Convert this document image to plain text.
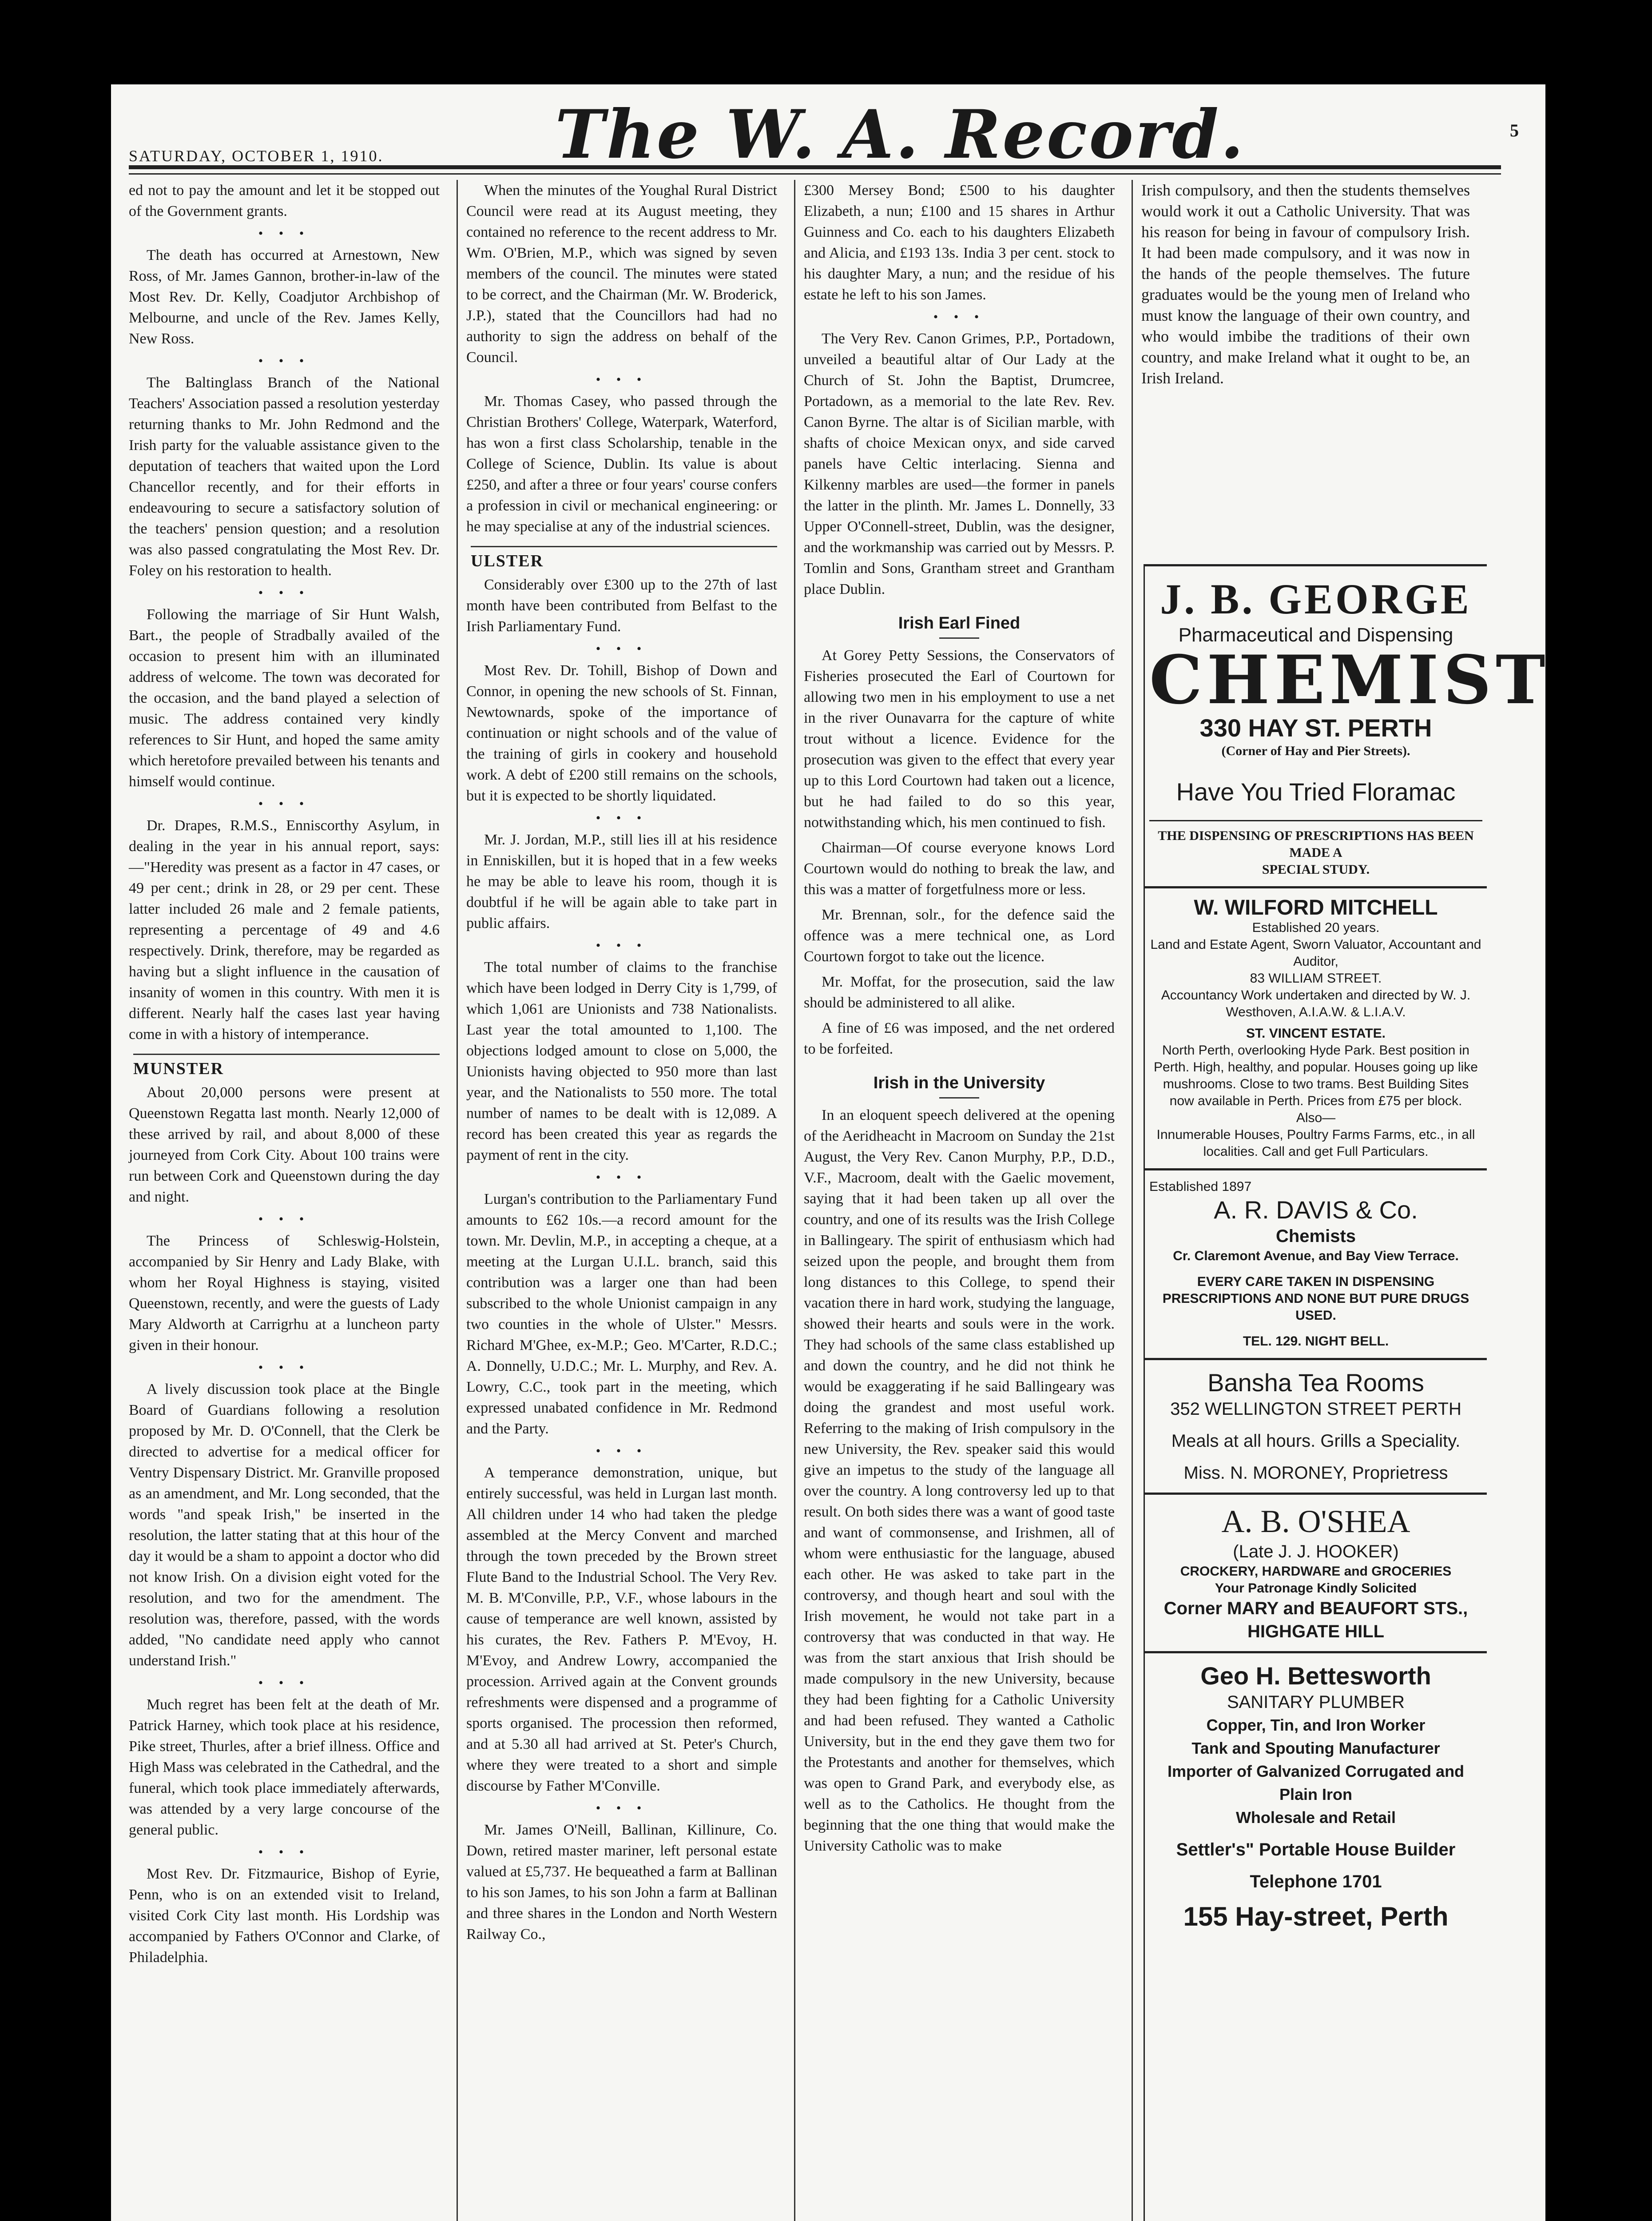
The W. A. Record.
SATURDAY, OCTOBER 1, 1910.
5

ed not to pay the amount and let it be stopped out of the Government grants.

• • •

The death has occurred at Arnestown, New Ross, of Mr. James Gannon, brother-in-law of the Most Rev. Dr. Kelly, Coadjutor Archbishop of Melbourne, and uncle of the Rev. James Kelly, New Ross.

• • •

The Baltinglass Branch of the National Teachers' Association passed a resolution yesterday returning thanks to Mr. John Redmond and the Irish party for the valuable assistance given to the deputation of teachers that waited upon the Lord Chancellor recently, and for their efforts in endeavouring to secure a satisfactory solution of the teachers' pension question; and a resolution was also passed congratulating the Most Rev. Dr. Foley on his restoration to health.

• • •

Following the marriage of Sir Hunt Walsh, Bart., the people of Stradbally availed of the occasion to present him with an illuminated address of welcome. The town was decorated for the occasion, and the band played a selection of music. The address contained very kindly references to Sir Hunt, and hoped the same amity which heretofore prevailed between his tenants and himself would continue.

• • •

Dr. Drapes, R.M.S., Enniscorthy Asylum, in dealing in the year in his annual report, says:—"Heredity was present as a factor in 47 cases, or 49 per cent.; drink in 28, or 29 per cent. These latter included 26 male and 2 female patients, representing a percentage of 49 and 4.6 respectively. Drink, therefore, may be regarded as having but a slight influence in the causation of insanity of women in this country. With men it is different. Nearly half the cases last year having come in with a history of intemperance.

MUNSTER

About 20,000 persons were present at Queenstown Regatta last month. Nearly 12,000 of these arrived by rail, and about 8,000 of these journeyed from Cork City. About 100 trains were run between Cork and Queenstown during the day and night.

• • •

The Princess of Schleswig-Holstein, accompanied by Sir Henry and Lady Blake, with whom her Royal Highness is staying, visited Queenstown, recently, and were the guests of Lady Mary Aldworth at Carrigrhu at a luncheon party given in their honour.

• • •

A lively discussion took place at the Bingle Board of Guardians following a resolution proposed by Mr. D. O'Connell, that the Clerk be directed to advertise for a medical officer for Ventry Dispensary District. Mr. Granville proposed as an amendment, and Mr. Long seconded, that the words "and speak Irish," be inserted in the resolution, the latter stating that at this hour of the day it would be a sham to appoint a doctor who did not know Irish. On a division eight voted for the resolution, and two for the amendment. The resolution was, therefore, passed, with the words added, "No candidate need apply who cannot understand Irish."

• • •

Much regret has been felt at the death of Mr. Patrick Harney, which took place at his residence, Pike street, Thurles, after a brief illness. Office and High Mass was celebrated in the Cathedral, and the funeral, which took place immediately afterwards, was attended by a very large concourse of the general public.

• • •

Most Rev. Dr. Fitzmaurice, Bishop of Eyrie, Penn, who is on an extended visit to Ireland, visited Cork City last month. His Lordship was accompanied by Fathers O'Connor and Clarke, of Philadelphia.

When the minutes of the Youghal Rural District Council were read at its August meeting, they contained no reference to the recent address to Mr. Wm. O'Brien, M.P., which was signed by seven members of the council. The minutes were stated to be correct, and the Chairman (Mr. W. Broderick, J.P.), stated that the Councillors had had no authority to sign the address on behalf of the Council.

• • •

Mr. Thomas Casey, who passed through the Christian Brothers' College, Waterpark, Waterford, has won a first class Scholarship, tenable in the College of Science, Dublin. Its value is about £250, and after a three or four years' course confers a profession in civil or mechanical engineering: or he may specialise at any of the industrial sciences.

ULSTER

Considerably over £300 up to the 27th of last month have been contributed from Belfast to the Irish Parliamentary Fund.

• • •

Most Rev. Dr. Tohill, Bishop of Down and Connor, in opening the new schools of St. Finnan, Newtownards, spoke of the importance of continuation or night schools and of the value of the training of girls in cookery and household work. A debt of £200 still remains on the schools, but it is expected to be shortly liquidated.

• • •

Mr. J. Jordan, M.P., still lies ill at his residence in Enniskillen, but it is hoped that in a few weeks he may be able to leave his room, though it is doubtful if he will be again able to take part in public affairs.

• • •

The total number of claims to the franchise which have been lodged in Derry City is 1,799, of which 1,061 are Unionists and 738 Nationalists. Last year the total amounted to 1,100. The objections lodged amount to close on 5,000, the Unionists having objected to 950 more than last year, and the Nationalists to 550 more. The total number of names to be dealt with is 12,089. A record has been created this year as regards the payment of rent in the city.

• • •

Lurgan's contribution to the Parliamentary Fund amounts to £62 10s.—a record amount for the town. Mr. Devlin, M.P., in accepting a cheque, at a meeting at the Lurgan U.I.L. branch, said this contribution was a larger one than had been subscribed to the whole Unionist campaign in any two counties in the whole of Ulster." Messrs. Richard M'Ghee, ex-M.P.; Geo. M'Carter, R.D.C.; A. Donnelly, U.D.C.; Mr. L. Murphy, and Rev. A. Lowry, C.C., took part in the meeting, which expressed unabated confidence in Mr. Redmond and the Party.

• • •

A temperance demonstration, unique, but entirely successful, was held in Lurgan last month. All children under 14 who had taken the pledge assembled at the Mercy Convent and marched through the town preceded by the Brown street Flute Band to the Industrial School. The Very Rev. M. B. M'Conville, P.P., V.F., whose labours in the cause of temperance are well known, assisted by his curates, the Rev. Fathers P. M'Evoy, H. M'Evoy, and Andrew Lowry, accompanied the procession. Arrived again at the Convent grounds refreshments were dispensed and a programme of sports organised. The procession then reformed, and at 5.30 all had arrived at St. Peter's Church, where they were treated to a short and simple discourse by Father M'Conville.

• • •

Mr. James O'Neill, Ballinan, Killinure, Co. Down, retired master mariner, left personal estate valued at £5,737. He bequeathed a farm at Ballinan to his son James, to his son John a farm at Ballinan and three shares in the London and North Western Railway Co.,

£300 Mersey Bond; £500 to his daughter Elizabeth, a nun; £100 and 15 shares in Arthur Guinness and Co. each to his daughters Elizabeth and Alicia, and £193 13s. India 3 per cent. stock to his daughter Mary, a nun; and the residue of his estate he left to his son James.

• • •

The Very Rev. Canon Grimes, P.P., Portadown, unveiled a beautiful altar of Our Lady at the Church of St. John the Baptist, Drumcree, Portadown, as a memorial to the late Rev. Rev. Canon Byrne. The altar is of Sicilian marble, with shafts of choice Mexican onyx, and side carved panels have Celtic interlacing. Sienna and Kilkenny marbles are used—the former in panels the latter in the plinth. Mr. James L. Donnelly, 33 Upper O'Connell-street, Dublin, was the designer, and the workmanship was carried out by Messrs. P. Tomlin and Sons, Grantham street and Grantham place Dublin.

Irish Earl Fined

At Gorey Petty Sessions, the Conservators of Fisheries prosecuted the Earl of Courtown for allowing two men in his employment to use a net in the river Ounavarra for the capture of white trout without a licence. Evidence for the prosecution was given to the effect that every year up to this Lord Courtown had taken out a licence, but he had failed to do so this year, notwithstanding which, his men continued to fish.

Chairman—Of course everyone knows Lord Courtown would do nothing to break the law, and this was a matter of forgetfulness more or less.

Mr. Brennan, solr., for the defence said the offence was a mere technical one, as Lord Courtown forgot to take out the licence.

Mr. Moffat, for the prosecution, said the law should be administered to all alike.

A fine of £6 was imposed, and the net ordered to be forfeited.

Irish in the University

In an eloquent speech delivered at the opening of the Aeridheacht in Macroom on Sunday the 21st August, the Very Rev. Canon Murphy, P.P., D.D., V.F., Macroom, dealt with the Gaelic movement, saying that it had been taken up all over the country, and one of its results was the Irish College in Ballingeary. The spirit of enthusiasm which had seized upon the people, and brought them from long distances to this College, to spend their vacation there in hard work, studying the language, showed their hearts and souls were in the work. They had schools of the same class established up and down the country, and he did not think he would be exaggerating if he said Ballingeary was doing the grandest and most useful work. Referring to the making of Irish compulsory in the new University, the Rev. speaker said this would give an impetus to the study of the language all over the country. A long controversy led up to that result. On both sides there was a want of good taste and want of commonsense, and Irishmen, all of whom were enthusiastic for the language, abused each other. He was asked to take part in the controversy, and though heart and soul with the Irish movement, he would not take part in a controversy that was conducted in that way. He was from the start anxious that Irish should be made compulsory in the new University, because they had been fighting for a Catholic University and had been refused. They wanted a Catholic University, but in the end they gave them two for the Protestants and another for themselves, which was open to Grand Park, and everybody else, as well as to the Catholics. He thought from the beginning that the one thing that would make the University Catholic was to make

Irish compulsory, and then the students themselves would work it out a Catholic University. That was his reason for being in favour of compulsory Irish. It had been made compulsory, and it was now in the hands of the people themselves. The future graduates would be the young men of Ireland who must know the language of their own country, and who would imbibe the traditions of their own country, and make Ireland what it ought to be, an Irish Ireland.

J. B. GEORGE
Pharmaceutical and Dispensing
CHEMIST
330 HAY ST. PERTH
(Corner of Hay and Pier Streets).
Have You Tried Floramac
THE DISPENSING OF PRESCRIPTIONS HAS BEEN MADE A
SPECIAL STUDY.
W. WILFORD MITCHELL
Established 20 years.
Land and Estate Agent, Sworn Valuator, Accountant and Auditor,
83 WILLIAM STREET.
Accountancy Work undertaken and directed by W. J. Westhoven, A.I.A.W. & L.I.A.V.
ST. VINCENT ESTATE.
North Perth, overlooking Hyde Park. Best position in Perth. High, healthy, and popular. Houses going up like mushrooms. Close to two trams. Best Building Sites now available in Perth. Prices from £75 per block.
Also—
Innumerable Houses, Poultry Farms Farms, etc., in all localities. Call and get Full Particulars.
Established 1897
A. R. DAVIS & Co.
Chemists
Cr. Claremont Avenue, and Bay View Terrace.
EVERY CARE TAKEN IN DISPENSING PRESCRIPTIONS AND NONE BUT PURE DRUGS USED.
TEL. 129. NIGHT BELL.
Bansha Tea Rooms
352 WELLINGTON STREET PERTH
Meals at all hours. Grills a Speciality.
Miss. N. MORONEY, Proprietress
A. B. O'SHEA
(Late J. J. HOOKER)
CROCKERY, HARDWARE and GROCERIES
Your Patronage Kindly Solicited
Corner MARY and BEAUFORT STS., HIGHGATE HILL
Geo H. Bettesworth
SANITARY PLUMBER
Copper, Tin, and Iron Worker
Tank and Spouting Manufacturer
Importer of Galvanized Corrugated and Plain Iron
Wholesale and Retail
Settler's" Portable House Builder
Telephone 1701
155 Hay-street, Perth
